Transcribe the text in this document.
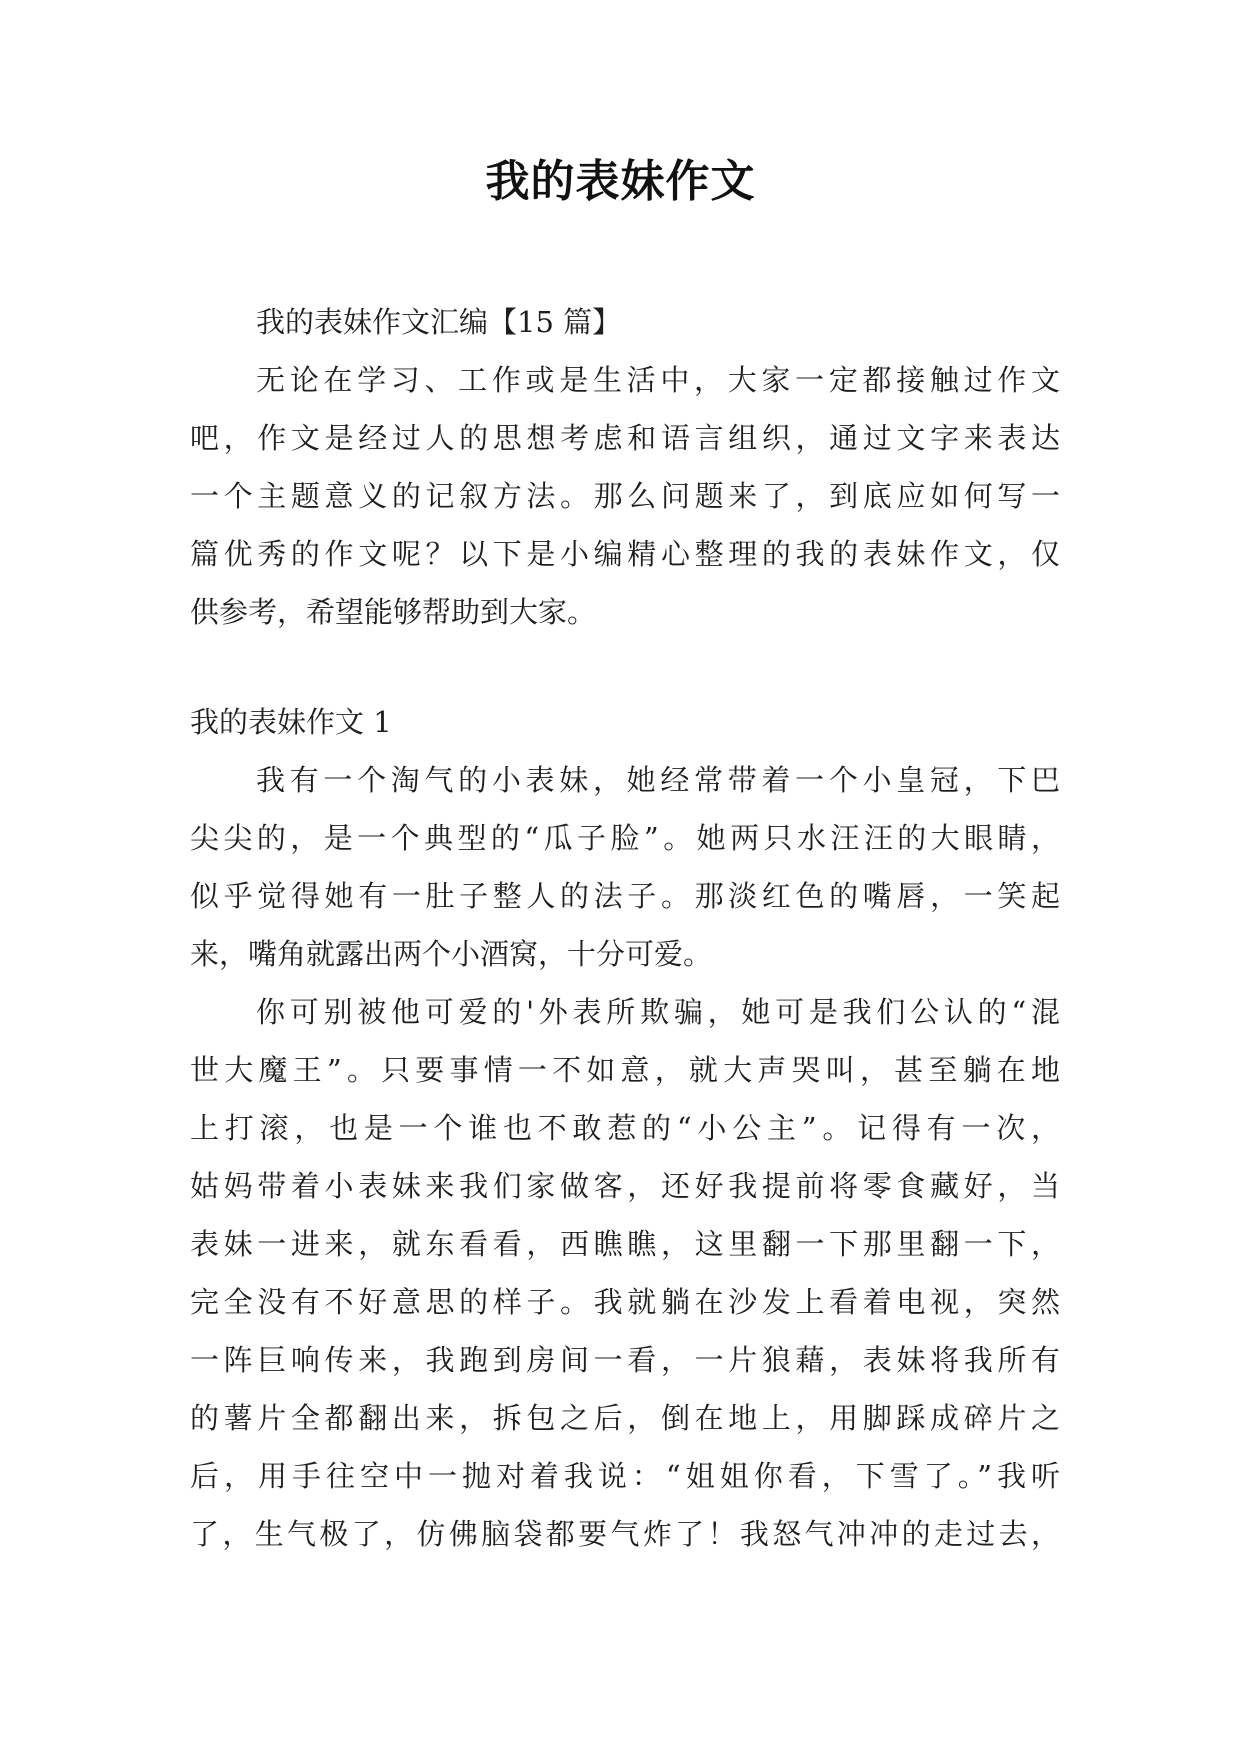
我的表妹作文
我的表妹作文汇编【15 篇】
无论在学习、工作或是生活中，大家一定都接触过作文
吧，作文是经过人的思想考虑和语言组织，通过文字来表达
一个主题意义的记叙方法。那么问题来了，到底应如何写一
篇优秀的作文呢？以下是小编精心整理的我的表妹作文，仅
供参考，希望能够帮助到大家。
我的表妹作文 1
我有一个淘气的小表妹，她经常带着一个小皇冠，下巴
尖尖的，是一个典型的“瓜子脸”。她两只水汪汪的大眼睛，
似乎觉得她有一肚子整人的法子。那淡红色的嘴唇，一笑起
来，嘴角就露出两个小酒窝，十分可爱。
你可别被他可爱的'外表所欺骗，她可是我们公认的“混
世大魔王”。只要事情一不如意，就大声哭叫，甚至躺在地
上打滚，也是一个谁也不敢惹的“小公主”。记得有一次，
姑妈带着小表妹来我们家做客，还好我提前将零食藏好，当
表妹一进来，就东看看，西瞧瞧，这里翻一下那里翻一下，
完全没有不好意思的样子。我就躺在沙发上看着电视，突然
一阵巨响传来，我跑到房间一看，一片狼藉，表妹将我所有
的薯片全都翻出来，拆包之后，倒在地上，用脚踩成碎片之
后，用手往空中一抛对着我说：“姐姐你看，下雪了。”我听
了，生气极了，仿佛脑袋都要气炸了！我怒气冲冲的走过去，
